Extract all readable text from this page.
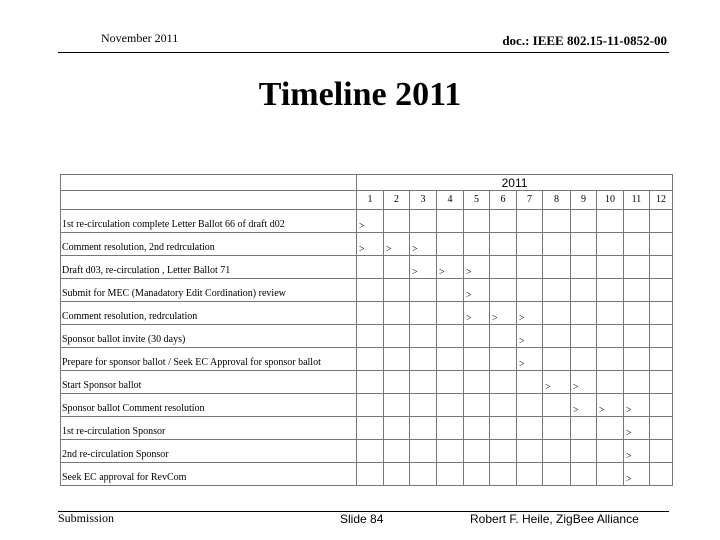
November 2011	doc.: IEEE 802.15-11-0852-00
Timeline 2011
	2011											
	1	2	3	4	5	6	7	8	9	10	11	12
1st re-circulation complete Letter Ballot 66 of draft d02	>											
Comment resolution, 2nd redrculation	>	>	>									
Draft d03, re-circulation , Letter Ballot 71			>	>	>							
Submit for MEC (Manadatory Edit Cordination) review					>							
Comment resolution, redrculation					>	>	>					
Sponsor ballot invite (30 days)							>					
Prepare for sponsor ballot / Seek EC Approval for sponsor ballot							>					
Start Sponsor ballot								>	>			
Sponsor ballot Comment resolution									>	>	>	
1st re-circulation Sponsor											>	
2nd re-circulation Sponsor											>	
Seek EC approval for RevCom											>	
Submission	Slide 84	Robert F. Heile, ZigBee Alliance
